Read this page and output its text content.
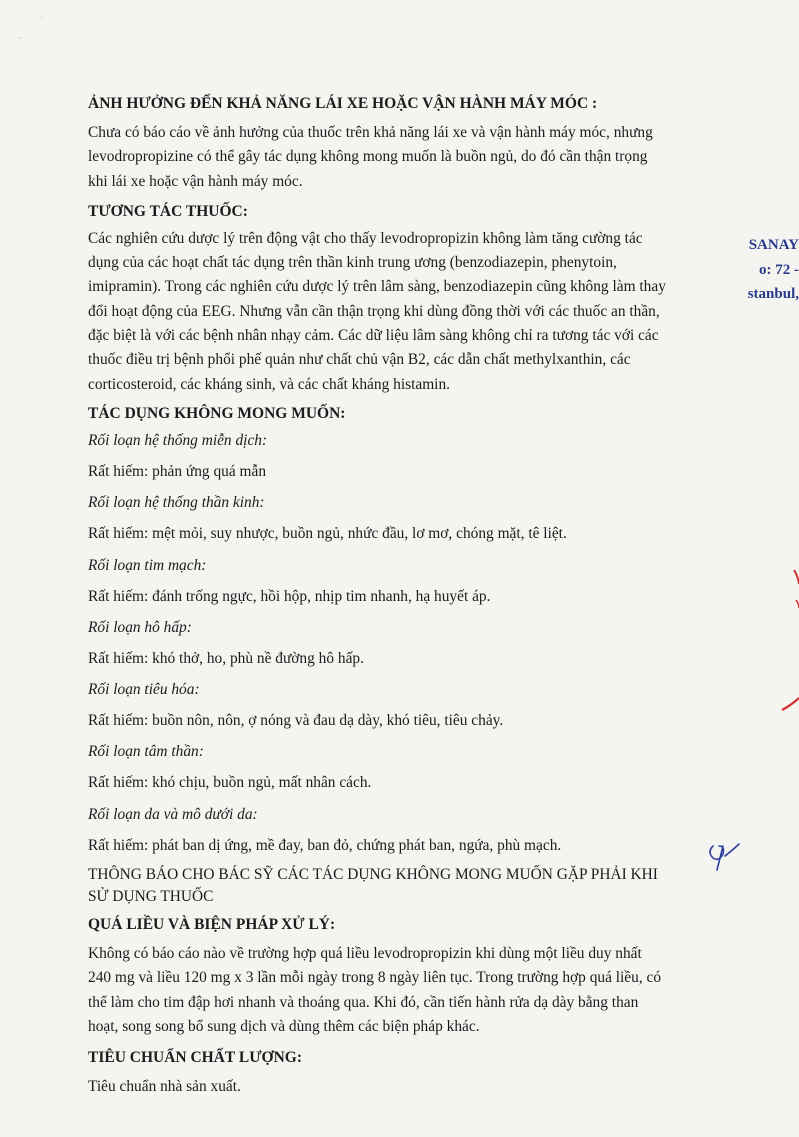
ẢNH HƯỞNG ĐẾN KHẢ NĂNG LÁI XE HOẶC VẬN HÀNH MÁY MÓC :

Chưa có báo cáo về ảnh hưởng của thuốc trên khả năng lái xe và vận hành máy móc, nhưng

levodropropizine có thể gây tác dụng không mong muốn là buồn ngủ, do đó cần thận trọng

khi lái xe hoặc vận hành máy móc.

TƯƠNG TÁC THUỐC:

Các nghiên cứu dược lý trên động vật cho thấy levodropropizin không làm tăng cường tác

dụng của các hoạt chất tác dụng trên thần kinh trung ương (benzodiazepin, phenytoin,

imipramin). Trong các nghiên cứu dược lý trên lâm sàng, benzodiazepin cũng không làm thay

đổi hoạt động của EEG. Nhưng vẫn cần thận trọng khi dùng đồng thời với các thuốc an thần,

đặc biệt là với các bệnh nhân nhạy cảm. Các dữ liệu lâm sàng không chỉ ra tương tác với các

thuốc điều trị bệnh phổi phế quản như chất chủ vận B2, các dẫn chất methylxanthin, các

corticosteroid, các kháng sinh, và các chất kháng histamin.

TÁC DỤNG KHÔNG MONG MUỐN:
Rối loạn hệ thống miễn dịch:

Rất hiếm: phản ứng quá mẫn

Rối loạn hệ thống thần kinh:

Rất hiếm: mệt mỏi, suy nhược, buồn ngủ, nhức đầu, lơ mơ, chóng mặt, tê liệt.

Rối loạn tim mạch:

Rất hiếm: đánh trống ngực, hồi hộp, nhịp tim nhanh, hạ huyết áp.

Rối loạn hô hấp:

Rất hiếm: khó thở, ho, phù nề đường hô hấp.

Rối loạn tiêu hóa:

Rất hiếm: buồn nôn, nôn, ợ nóng và đau dạ dày, khó tiêu, tiêu chảy.

Rối loạn tâm thần:

Rất hiếm: khó chịu, buồn ngủ, mất nhân cách.

Rối loạn da và mô dưới da:

Rất hiếm: phát ban dị ứng, mề đay, ban đỏ, chứng phát ban, ngứa, phù mạch.

THÔNG BÁO CHO BÁC SỸ CÁC TÁC DỤNG KHÔNG MONG MUỐN GẶP PHẢI KHI
SỬ DỤNG THUỐC
QUÁ LIỀU VÀ BIỆN PHÁP XỬ LÝ:

Không có báo cáo nào về trường hợp quá liều levodropropizin khi dùng một liều duy nhất

240 mg và liều 120 mg x 3 lần mỗi ngày trong 8 ngày liên tục. Trong trường hợp quá liều, có

thể làm cho tim đập hơi nhanh và thoáng qua. Khi đó, cần tiến hành rửa dạ dày bằng than

hoạt, song song bổ sung dịch và dùng thêm các biện pháp khác.

TIÊU CHUẨN CHẤT LƯỢNG:

Tiêu chuẩn nhà sản xuất.

SANAY
o: 72 -
stanbul,
